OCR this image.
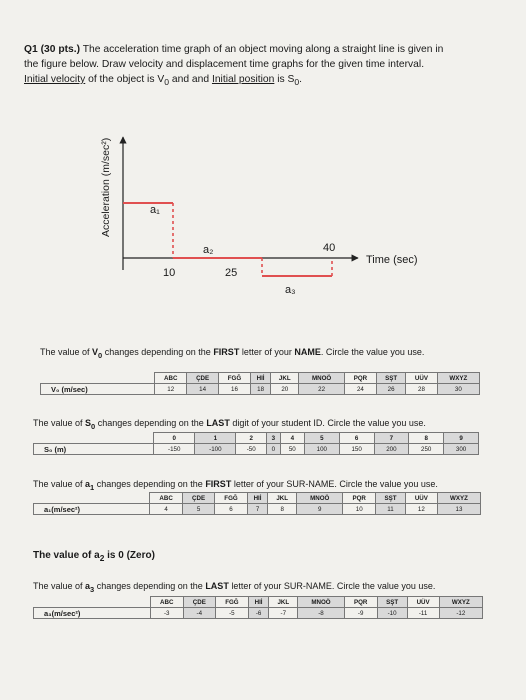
Q1 (30 pts.) The acceleration time graph of an object moving along a straight line is given in
the figure below. Draw velocity and displacement time graphs for the given time interval.
Initial velocity of the object is $V_0$ and and Initial position is $S_0$.
Acceleration (m/sec²)	a₁
a₂
a₃
10	25
40
Time (sec)
The value of $V_0$ changes depending on the FIRST letter of your NAME. Circle the value you use.
	ABC	ÇDE	FGĞ	HIİ	JKL	MNOÖ	PQR	SŞT	UÜV	WXYZ
V₀ (m/sec)	12	14	16	18	20	22	24	26	28	30
The value of $S_0$ changes depending on the LAST digit of your student ID. Circle the value you use.
	0	1	2	3	4	5	6	7	8	9
S₀ (m)	-150	-100	-50	0	50	100	150	200	250	300
The value of $a_1$ changes depending on the FIRST letter of your SUR-NAME. Circle the value you use.
	ABC	ÇDE	FGĞ	HIİ	JKL	MNOÖ	PQR	SŞT	UÜV	WXYZ
a₁(m/sec²)	4	5	6	7	8	9	10	11	12	13
The value of $a_2$ is 0 (Zero)
The value of $a_3$ changes depending on the LAST letter of your SUR-NAME. Circle the value you use.
	ABC	ÇDE	FGĞ	HIİ	JKL	MNOÖ	PQR	SŞT	UÜV	WXYZ
a₃(m/sec²)	-3	-4	-5	-6	-7	-8	-9	-10	-11	-12
